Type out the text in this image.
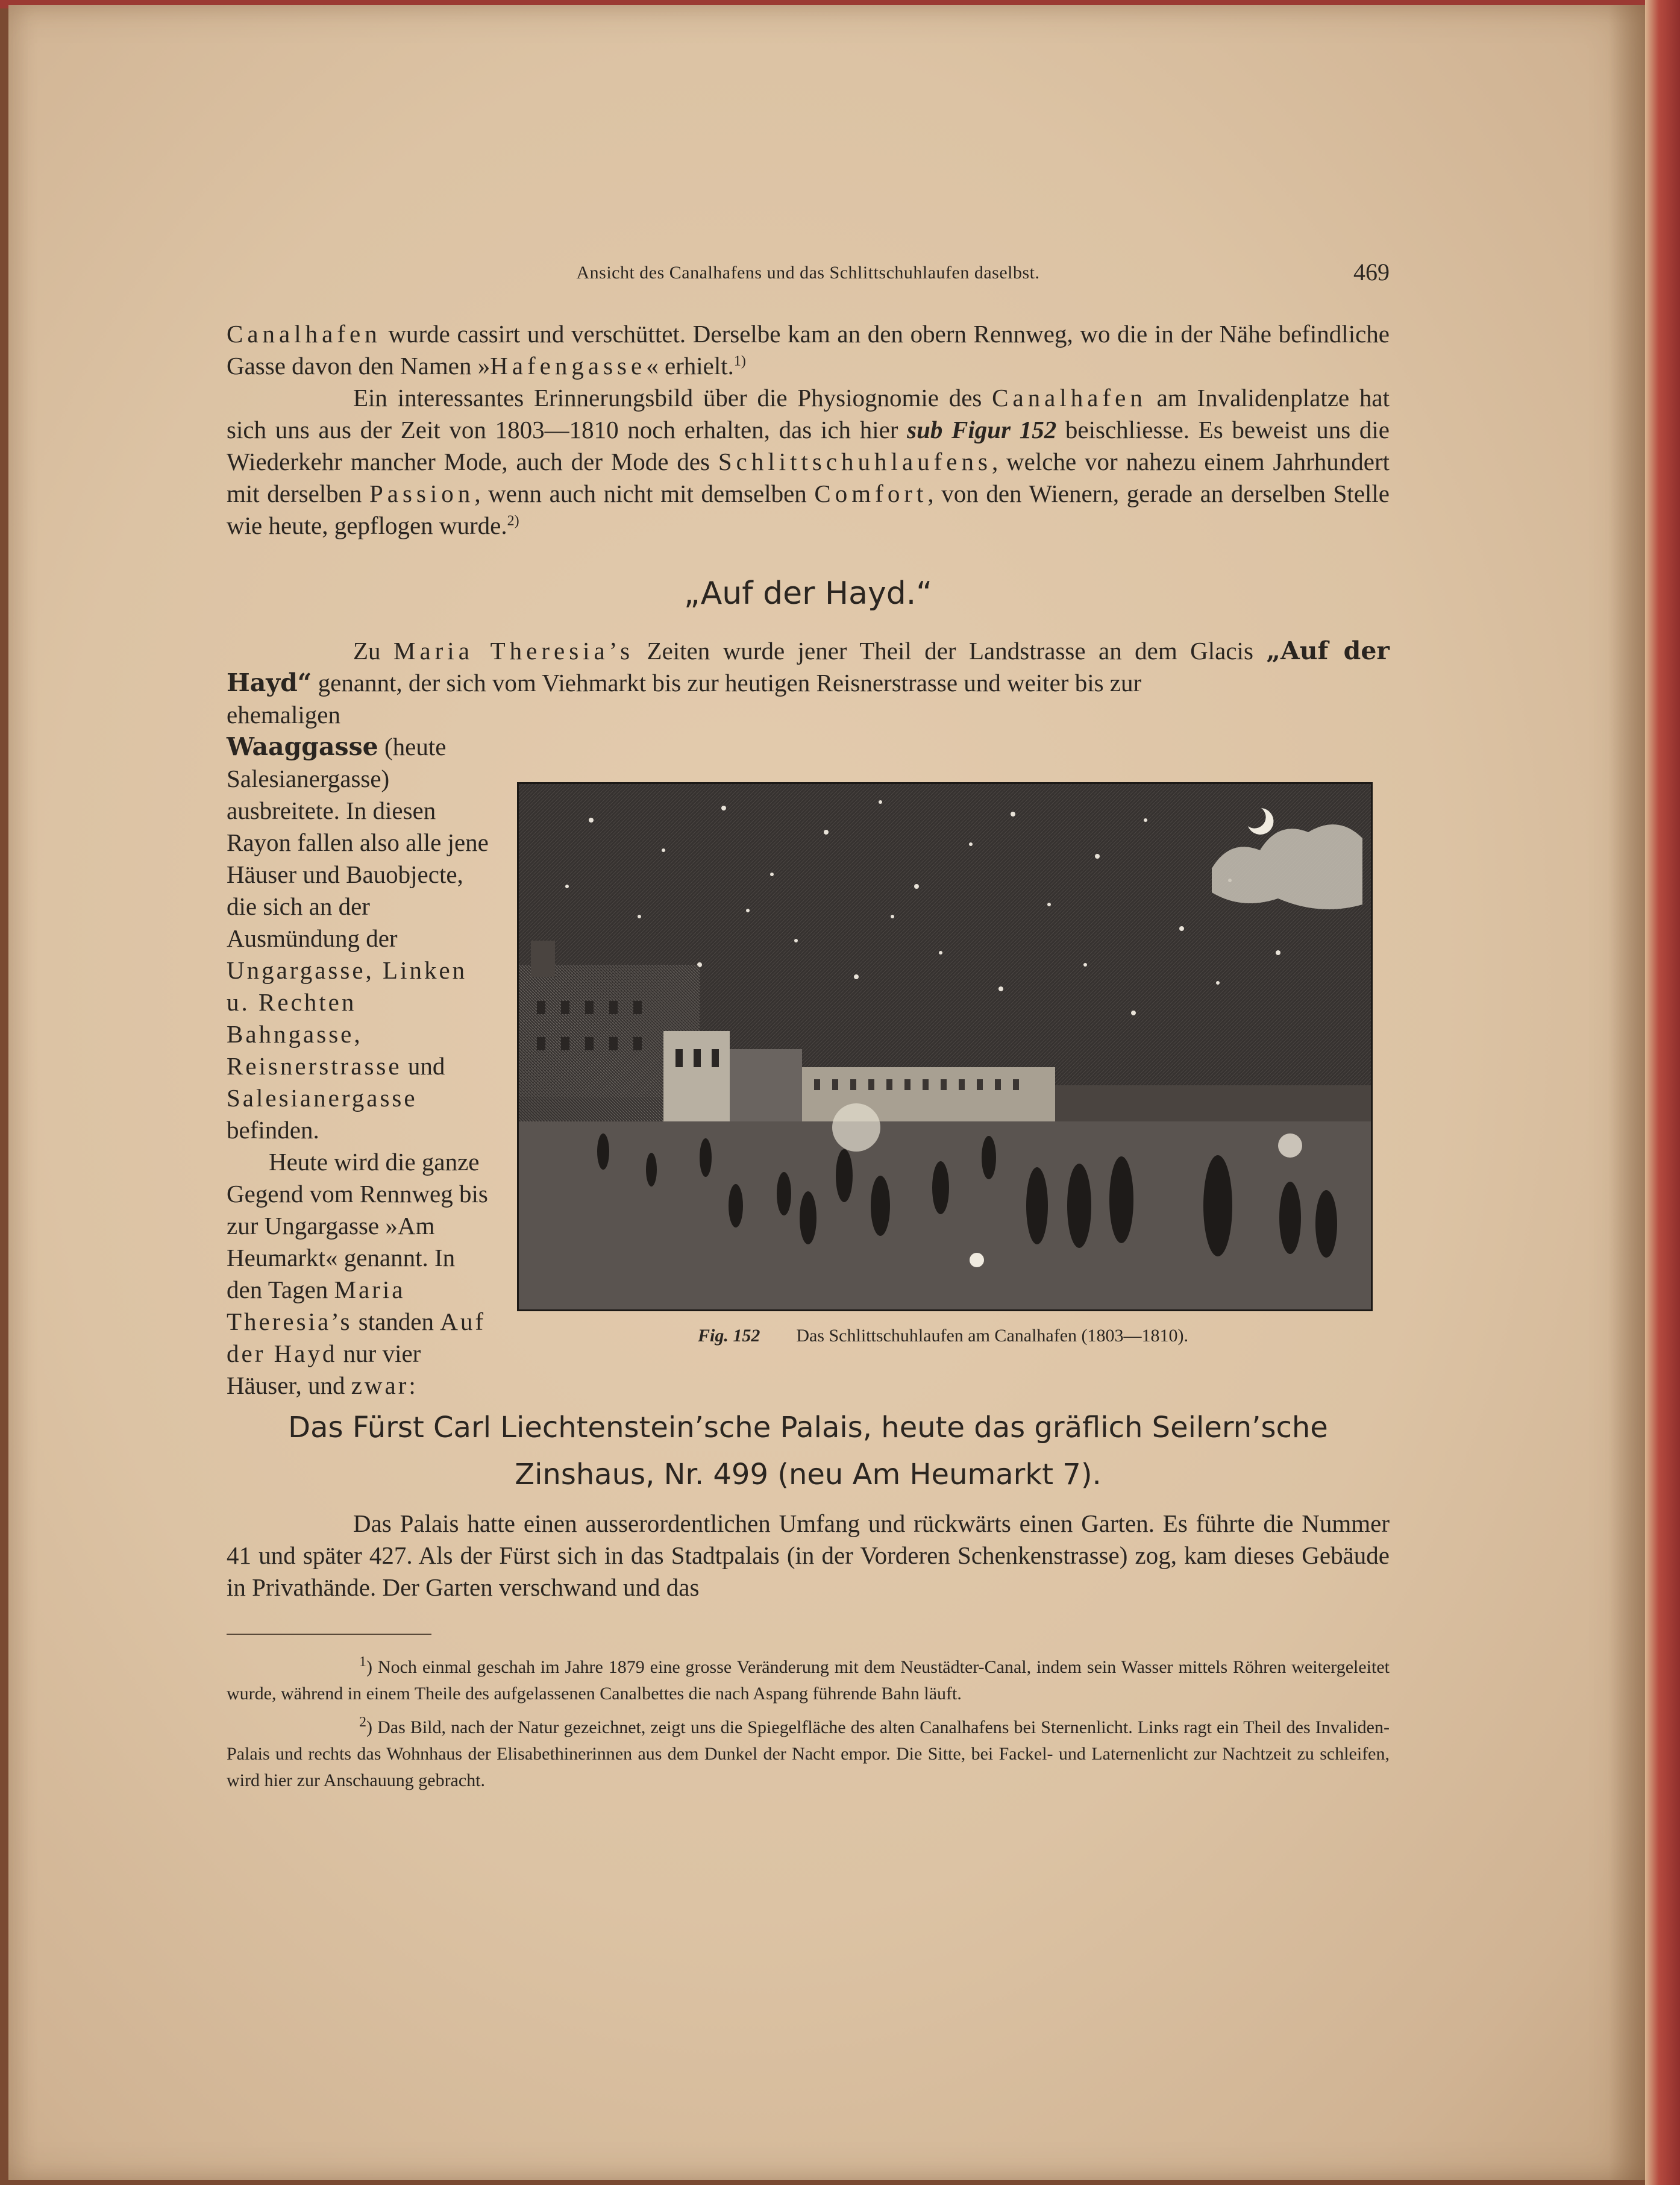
Ansicht des Canalhafens und das Schlittschuhlaufen daselbst.	469

Canalhafen wurde cassirt und verschüttet. Derselbe kam an den obern Rennweg, wo die in der Nähe befindliche Gasse davon den Namen »Hafengasse« erhielt.$^{1)}$

Ein interessantes Erinnerungsbild über die Physiognomie des Canalhafen am Invalidenplatze hat sich uns aus der Zeit von 1803—1810 noch erhalten, das ich hier sub Figur 152 beischliesse. Es beweist uns die Wiederkehr mancher Mode, auch der Mode des Schlittschuhlaufens, welche vor nahezu einem Jahrhundert mit derselben Passion, wenn auch nicht mit demselben Comfort, von den Wienern, gerade an derselben Stelle wie heute, gepflogen wurde.$^{2)}$

„Auf der Hayd.“

Zu Maria Theresia’s Zeiten wurde jener Theil der Landstrasse an dem Glacis „Auf der Hayd“ genannt, der sich vom Viehmarkt bis zur heutigen Reisnerstrasse und weiter bis zur

ehemaligen Waaggasse (heute Salesianergasse) ausbreitete. In diesen Rayon fallen also alle jene Häuser und Bauobjecte, die sich an der Ausmündung der Ungargasse, Linken u. Rechten Bahngasse, Reisnerstrasse und Salesianergasse befinden.

Heute wird die ganze Gegend vom Rennweg bis zur Ungargasse »Am Heumarkt« genannt. In den Tagen Maria Theresia’s standen Auf der Hayd nur vier Häuser, und zwar:

Fig. 152 Das Schlittschuhlaufen am Canalhafen (1803—1810).
Das Fürst Carl Liechtenstein’sche Palais, heute das gräflich Seilern’sche
Zinshaus, Nr. 499 (neu Am Heumarkt 7).

Das Palais hatte einen ausserordentlichen Umfang und rückwärts einen Garten. Es führte die Nummer 41 und später 427. Als der Fürst sich in das Stadtpalais (in der Vorderen Schenkenstrasse) zog, kam dieses Gebäude in Privathände. Der Garten verschwand und das

$^1$) Noch einmal geschah im Jahre 1879 eine grosse Veränderung mit dem Neustädter-Canal, indem sein Wasser mittels Röhren weitergeleitet wurde, während in einem Theile des aufgelassenen Canalbettes die nach Aspang führende Bahn läuft.

$^2$) Das Bild, nach der Natur gezeichnet, zeigt uns die Spiegelfläche des alten Canalhafens bei Sternenlicht. Links ragt ein Theil des Invaliden-Palais und rechts das Wohnhaus der Elisabethinerinnen aus dem Dunkel der Nacht empor. Die Sitte, bei Fackel- und Laternenlicht zur Nachtzeit zu schleifen, wird hier zur Anschauung gebracht.
